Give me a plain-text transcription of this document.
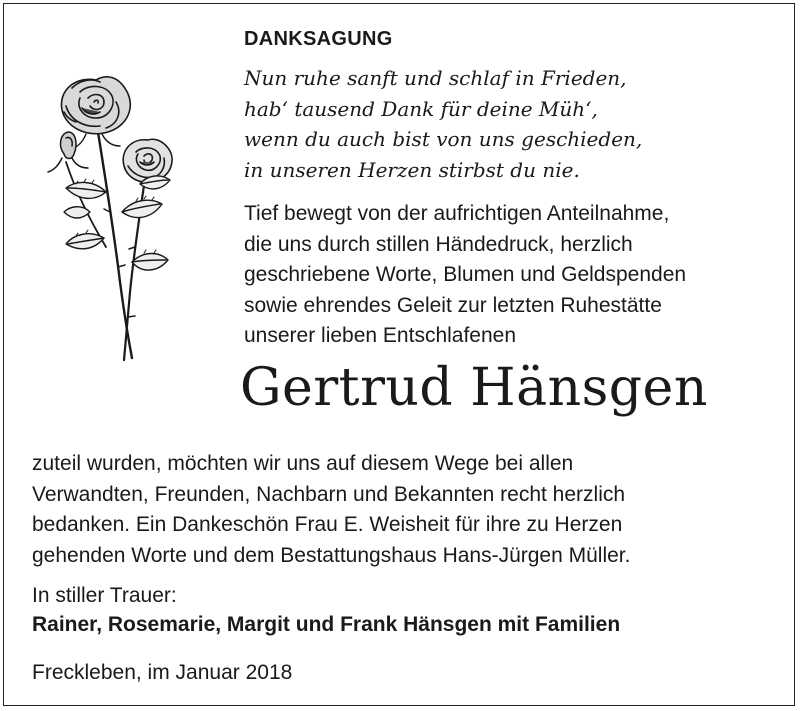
DANKSAGUNG

Nun ruhe sanft und schlaf in Frieden,
hab‘ tausend Dank für deine Müh‘,
wenn du auch bist von uns geschieden,
in unseren Herzen stirbst du nie.

Tief bewegt von der aufrichtigen Anteilnahme,
die uns durch stillen Händedruck, herzlich
geschriebene Worte, Blumen und Geldspenden
sowie ehrendes Geleit zur letzten Ruhestätte
unserer lieben Entschlafenen

Gertrud Hänsgen

zuteil wurden, möchten wir uns auf diesem Wege bei allen
Verwandten, Freunden, Nachbarn und Bekannten recht herzlich
bedanken. Ein Dankeschön Frau E. Weisheit für ihre zu Herzen
gehenden Worte und dem Bestattungshaus Hans-Jürgen Müller.

In stiller Trauer:

Rainer, Rosemarie, Margit und Frank Hänsgen mit Familien

Freckleben, im Januar 2018
